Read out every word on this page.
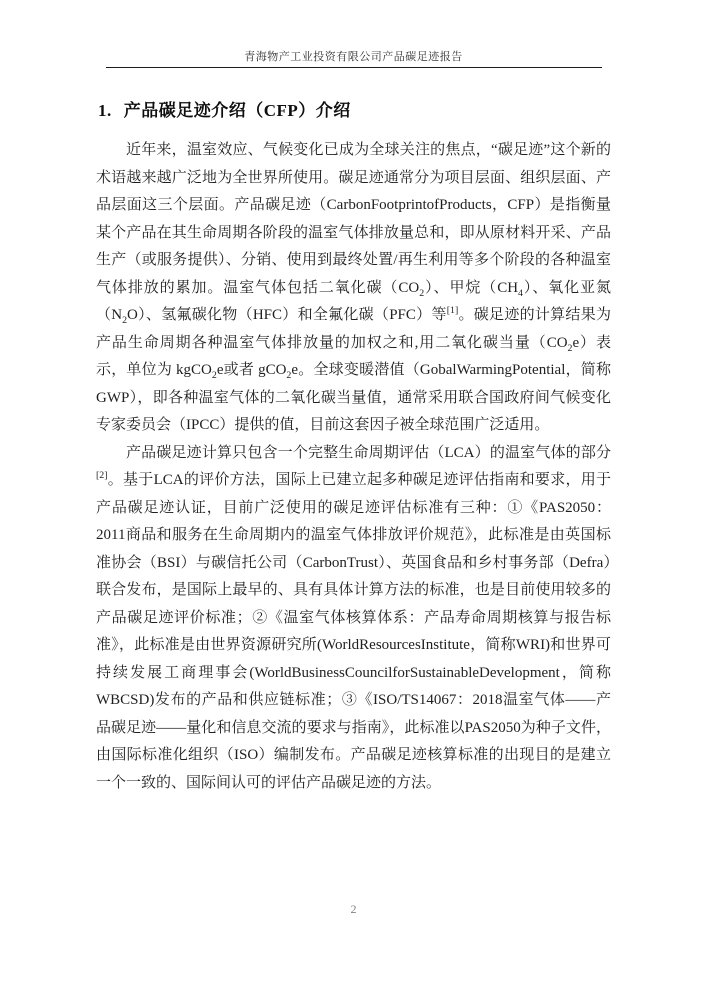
青海物产工业投资有限公司产品碳足迹报告
1. 产品碳足迹介绍（CFP）介绍

近年来，温室效应、气候变化已成为全球关注的焦点，“碳足迹”这个新的术语越来越广泛地为全世界所使用。碳足迹通常分为项目层面、组织层面、产品层面这三个层面。产品碳足迹（CarbonFootprintofProducts，CFP）是指衡量某个产品在其生命周期各阶段的温室气体排放量总和，即从原材料开采、产品生产（或服务提供）、分销、使用到最终处置/再生利用等多个阶段的各种温室气体排放的累加。温室气体包括二氧化碳$(CO_2)$、甲烷$(CH_4)$、氧化亚氮$(N_2O)$、氢氟碳化物（HFC）和全氟化碳（PFC）等[1]。碳足迹的计算结果为产品生命周期各种温室气体排放量的加权之和,用二氧化碳当量$(CO_2e)$表示，单位为 kgCO$_2$e或者 gCO$_2$e。全球变暖潜值（GobalWarmingPotential，简称 GWP），即各种温室气体的二氧化碳当量值，通常采用联合国政府间气候变化专家委员会（IPCC）提供的值，目前这套因子被全球范围广泛适用。

产品碳足迹计算只包含一个完整生命周期评估（LCA）的温室气体的部分[2]。基于LCA的评价方法，国际上已建立起多种碳足迹评估指南和要求，用于产品碳足迹认证，目前广泛使用的碳足迹评估标准有三种：①《PAS2050：2011商品和服务在生命周期内的温室气体排放评价规范》，此标准是由英国标准协会（BSI）与碳信托公司（CarbonTrust）、英国食品和乡村事务部（Defra）联合发布，是国际上最早的、具有具体计算方法的标准，也是目前使用较多的产品碳足迹评价标准；②《温室气体核算体系：产品寿命周期核算与报告标准》，此标准是由世界资源研究所(WorldResourcesInstitute，简称WRI)和世界可持续发展工商理事会(WorldBusinessCouncilforSustainableDevelopment，简称WBCSD)发布的产品和供应链标准；③《ISO/TS14067：2018温室气体——产品碳足迹——量化和信息交流的要求与指南》，此标准以PAS2050为种子文件，由国际标准化组织（ISO）编制发布。产品碳足迹核算标准的出现目的是建立一个一致的、国际间认可的评估产品碳足迹的方法。

2
